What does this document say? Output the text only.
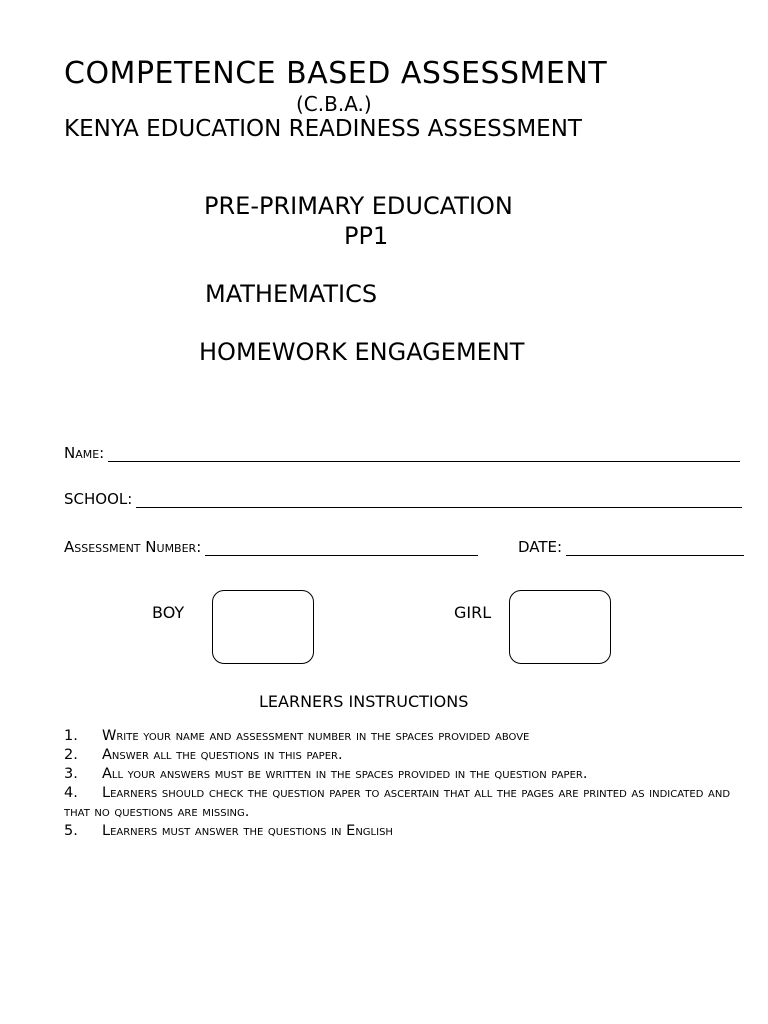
COMPETENCE BASED ASSESSMENT
(C.B.A.)
KENYA EDUCATION READINESS ASSESSMENT
PRE-PRIMARY EDUCATION
PP1
MATHEMATICS
HOMEWORK ENGAGEMENT
Name:
SCHOOL:
Assessment Number:	DATE:
BOY	GIRL
LEARNERS INSTRUCTIONS

1. Write your name and assessment number in the spaces provided above

2. Answer all the questions in this paper.

3. All your answers must be written in the spaces provided in the question paper.

4. Learners should check the question paper to ascertain that all the pages are printed as indicated and that no questions are missing.

5. Learners must answer the questions in English
